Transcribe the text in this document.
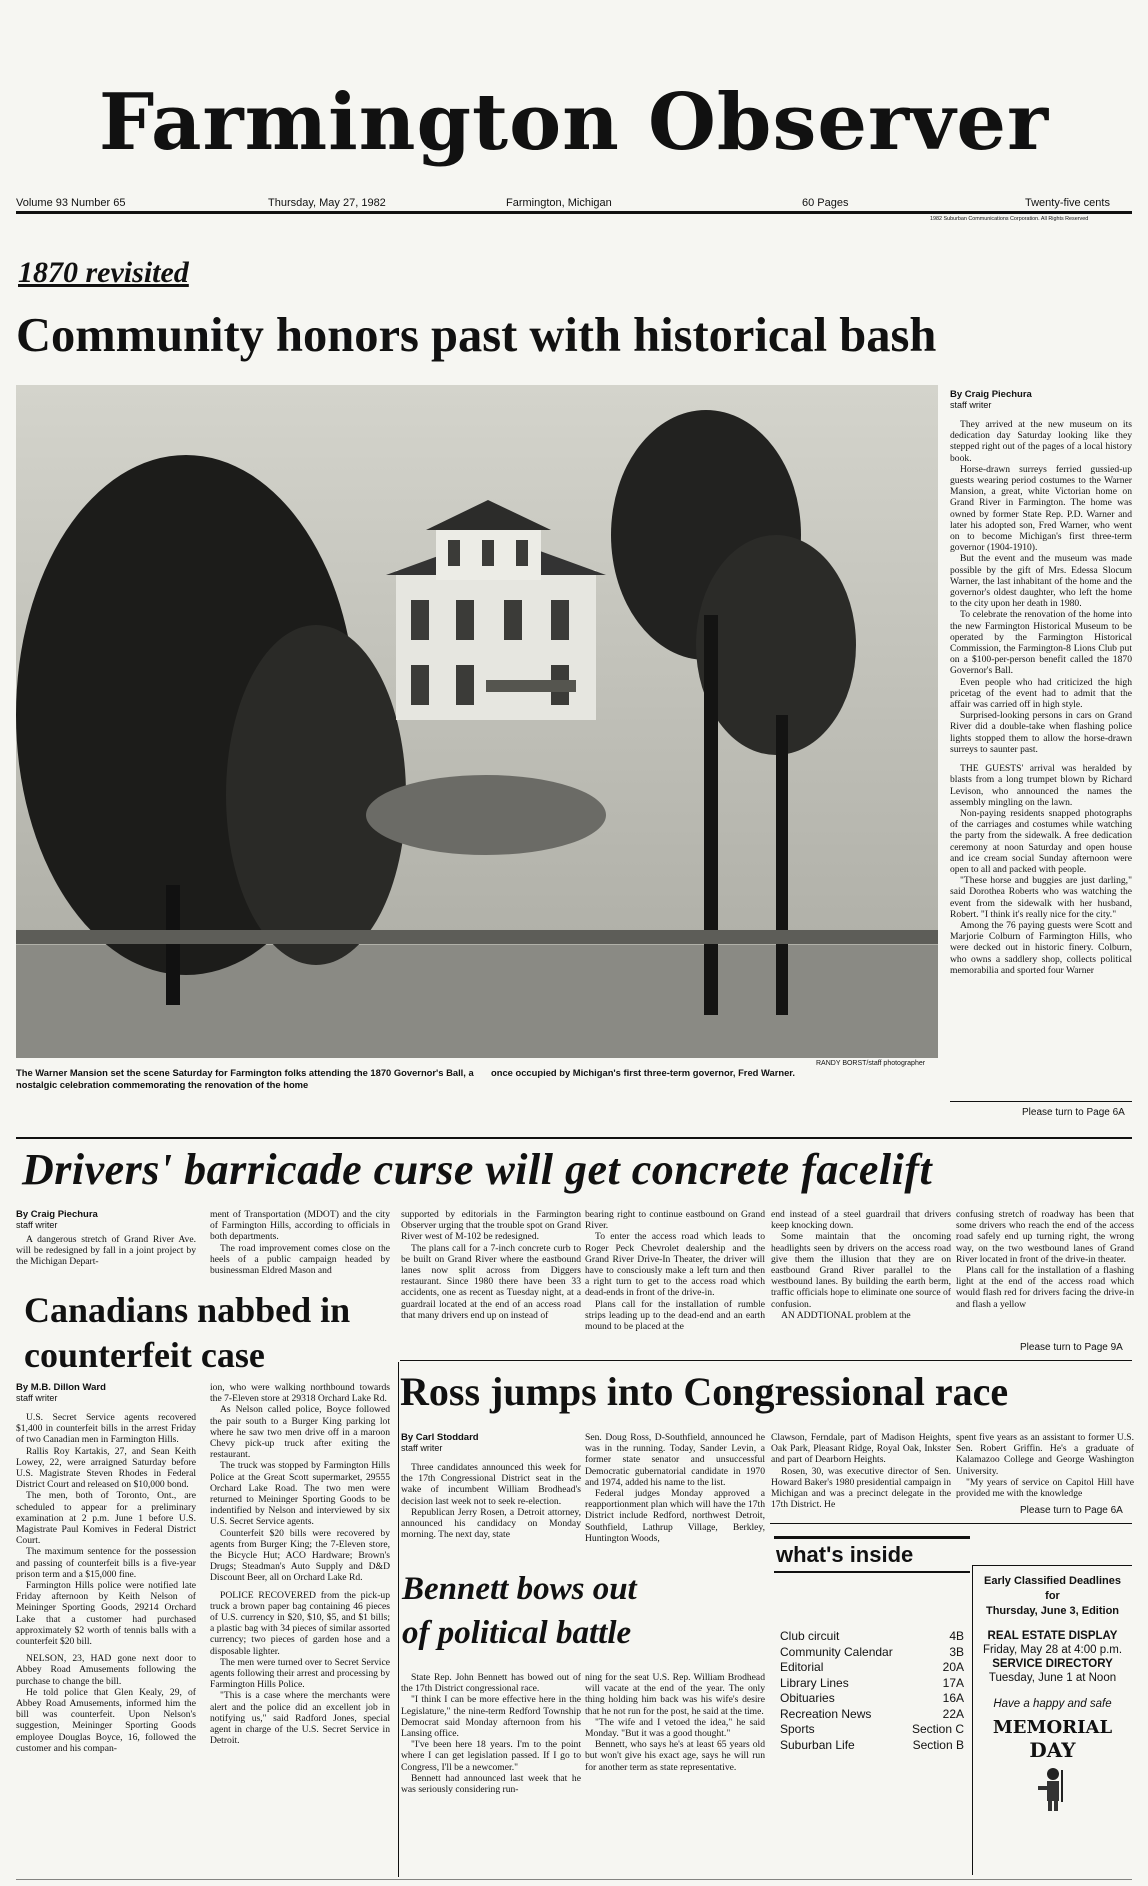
Farmington Observer
Volume 93 Number 65	Thursday, May 27, 1982	Farmington, Michigan	60 Pages	Twenty-five cents
1982 Suburban Communications Corporation. All Rights Reserved
1870 revisited
Community honors past with historical bash
RANDY BORST/staff photographer
The Warner Mansion set the scene Saturday for Farmington folks attending the 1870 Governor's Ball, a nostalgic celebration commemorating the renovation of the home
once occupied by Michigan's first three-term governor, Fred Warner.
By Craig Piechura
staff writer

They arrived at the new museum on its dedication day Saturday looking like they stepped right out of the pages of a local history book.

Horse-drawn surreys ferried gussied-up guests wearing period costumes to the Warner Mansion, a great, white Victorian home on Grand River in Farmington. The home was owned by former State Rep. P.D. Warner and later his adopted son, Fred Warner, who went on to become Michigan's first three-term governor (1904-1910).

But the event and the museum was made possible by the gift of Mrs. Edessa Slocum Warner, the last inhabitant of the home and the governor's oldest daughter, who left the home to the city upon her death in 1980.

To celebrate the renovation of the home into the new Farmington Historical Museum to be operated by the Farmington Historical Commission, the Farmington-8 Lions Club put on a $100-per-person benefit called the 1870 Governor's Ball.

Even people who had criticized the high pricetag of the event had to admit that the affair was carried off in high style.

Surprised-looking persons in cars on Grand River did a double-take when flashing police lights stopped them to allow the horse-drawn surreys to saunter past.

THE GUESTS' arrival was heralded by blasts from a long trumpet blown by Richard Levison, who announced the names the assembly mingling on the lawn.

Non-paying residents snapped photographs of the carriages and costumes while watching the party from the sidewalk. A free dedication ceremony at noon Saturday and open house and ice cream social Sunday afternoon were open to all and packed with people.

"These horse and buggies are just darling," said Dorothea Roberts who was watching the event from the sidewalk with her husband, Robert. "I think it's really nice for the city."

Among the 76 paying guests were Scott and Marjorie Colburn of Farmington Hills, who were decked out in historic finery. Colburn, who owns a saddlery shop, collects political memorabilia and sported four Warner

Please turn to Page 6A
Drivers' barricade curse will get concrete facelift
By Craig Piechura
staff writer

A dangerous stretch of Grand River Ave. will be redesigned by fall in a joint project by the Michigan Depart-

ment of Transportation (MDOT) and the city of Farmington Hills, according to officials in both departments.

The road improvement comes close on the heels of a public campaign headed by businessman Eldred Mason and

supported by editorials in the Farmington Observer urging that the trouble spot on Grand River west of M-102 be redesigned.

The plans call for a 7-inch concrete curb to be built on Grand River where the eastbound lanes now split across from Diggers restaurant. Since 1980 there have been 33 accidents, one as recent as Tuesday night, at a guardrail located at the end of an access road that many drivers end up on instead of

bearing right to continue eastbound on Grand River.

To enter the access road which leads to Roger Peck Chevrolet dealership and the Grand River Drive-In Theater, the driver will have to consciously make a left turn and then a right turn to get to the access road which dead-ends in front of the drive-in.

Plans call for the installation of rumble strips leading up to the dead-end and an earth mound to be placed at the

end instead of a steel guardrail that drivers keep knocking down.

Some maintain that the oncoming headlights seen by drivers on the access road give them the illusion that they are on eastbound Grand River parallel to the westbound lanes. By building the earth berm, traffic officials hope to eliminate one source of confusion.

AN ADDTIONAL problem at the

confusing stretch of roadway has been that some drivers who reach the end of the access road safely end up turning right, the wrong way, on the two westbound lanes of Grand River located in front of the drive-in theater.

Plans call for the installation of a flashing light at the end of the access road which would flash red for drivers facing the drive-in and flash a yellow

Please turn to Page 9A
Canadians nabbed in counterfeit case
By M.B. Dillon Ward
staff writer

U.S. Secret Service agents recovered $1,400 in counterfeit bills in the arrest Friday of two Canadian men in Farmington Hills.

Rallis Roy Kartakis, 27, and Sean Keith Lowey, 22, were arraigned Saturday before U.S. Magistrate Steven Rhodes in Federal District Court and released on $10,000 bond.

The men, both of Toronto, Ont., are scheduled to appear for a preliminary examination at 2 p.m. June 1 before U.S. Magistrate Paul Komives in Federal District Court.

The maximum sentence for the possession and passing of counterfeit bills is a five-year prison term and a $15,000 fine.

Farmington Hills police were notified late Friday afternoon by Keith Nelson of Meininger Sporting Goods, 29214 Orchard Lake that a customer had purchased approximately $2 worth of tennis balls with a counterfeit $20 bill.

NELSON, 23, HAD gone next door to Abbey Road Amusements following the purchase to change the bill.

He told police that Glen Kealy, 29, of Abbey Road Amusements, informed him the bill was counterfeit. Upon Nelson's suggestion, Meininger Sporting Goods employee Douglas Boyce, 16, followed the customer and his compan-

ion, who were walking northbound towards the 7-Eleven store at 29318 Orchard Lake Rd.

As Nelson called police, Boyce followed the pair south to a Burger King parking lot where he saw two men drive off in a maroon Chevy pick-up truck after exiting the restaurant.

The truck was stopped by Farmington Hills Police at the Great Scott supermarket, 29555 Orchard Lake Road. The two men were returned to Meininger Sporting Goods to be indentified by Nelson and interviewed by six U.S. Secret Service agents.

Counterfeit $20 bills were recovered by agents from Burger King; the 7-Eleven store, the Bicycle Hut; ACO Hardware; Brown's Drugs; Steadman's Auto Supply and D&D Discount Beer, all on Orchard Lake Rd.

POLICE RECOVERED from the pick-up truck a brown paper bag containing 46 pieces of U.S. currency in $20, $10, $5, and $1 bills; a plastic bag with 34 pieces of similar assorted currency; two pieces of garden hose and a disposable lighter.

The men were turned over to Secret Service agents following their arrest and processing by Farmington Hills Police.

"This is a case where the merchants were alert and the police did an excellent job in notifying us," said Radford Jones, special agent in charge of the U.S. Secret Service in Detroit.

Ross jumps into Congressional race
By Carl Stoddard
staff writer

Three candidates announced this week for the 17th Congressional District seat in the wake of incumbent William Brodhead's decision last week not to seek re-election.

Republican Jerry Rosen, a Detroit attorney, announced his candidacy on Monday morning. The next day, state

Sen. Doug Ross, D-Southfield, announced he was in the running. Today, Sander Levin, a former state senator and unsuccessful Democratic gubernatorial candidate in 1970 and 1974, added his name to the list.

Federal judges Monday approved a reapportionment plan which will have the 17th District include Redford, northwest Detroit, Southfield, Lathrup Village, Berkley, Huntington Woods,

Clawson, Ferndale, part of Madison Heights, Oak Park, Pleasant Ridge, Royal Oak, Inkster and part of Dearborn Heights.

Rosen, 30, was executive director of Sen. Howard Baker's 1980 presidential campaign in Michigan and was a precinct delegate in the 17th District. He

spent five years as an assistant to former U.S. Sen. Robert Griffin. He's a graduate of Kalamazoo College and George Washington University.

"My years of service on Capitol Hill have provided me with the knowledge

Please turn to Page 6A
Bennett bows out
of political battle

State Rep. John Bennett has bowed out of the 17th District congressional race.

"I think I can be more effective here in the Legislature," the nine-term Redford Township Democrat said Monday afternoon from his Lansing office.

"I've been here 18 years. I'm to the point where I can get legislation passed. If I go to Congress, I'll be a newcomer."

Bennett had announced last week that he was seriously considering run-

ning for the seat U.S. Rep. William Brodhead will vacate at the end of the year. The only thing holding him back was his wife's desire that he not run for the post, he said at the time.

"The wife and I vetoed the idea," he said Monday. "But it was a good thought."

Bennett, who says he's at least 65 years old but won't give his exact age, says he will run for another term as state representative.

what's inside
Club circuit	4B
Community Calendar	3B
Editorial	20A
Library Lines	17A
Obituaries	16A
Recreation News	22A
Sports	Section C
Suburban Life	Section B
Early Classified Deadlines
for
Thursday, June 3, Edition
REAL ESTATE DISPLAY
Friday, May 28 at 4:00 p.m.
SERVICE DIRECTORY
Tuesday, June 1 at Noon
Have a happy and safe
MEMORIAL
DAY
